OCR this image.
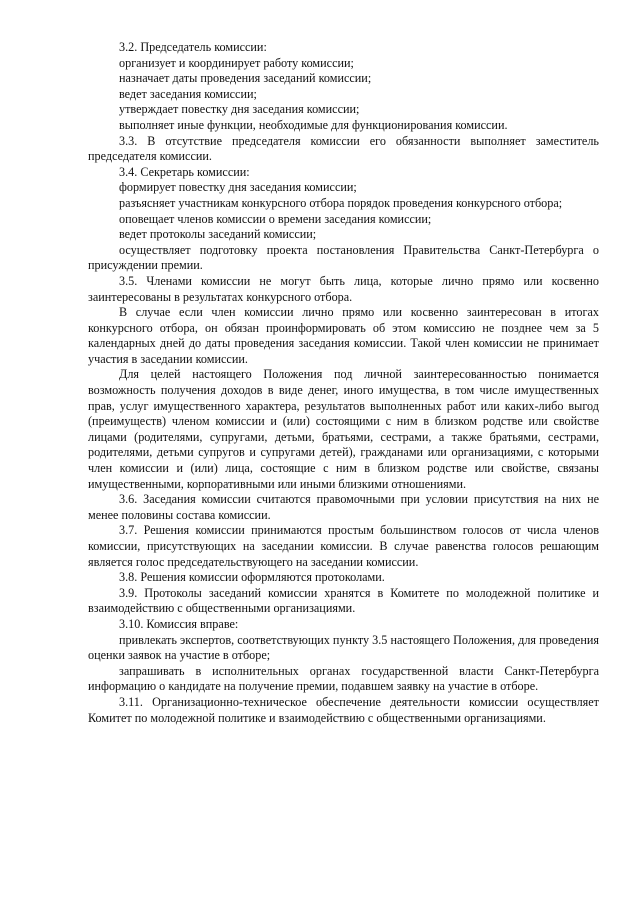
3.2. Председатель комиссии:

организует и координирует работу комиссии;

назначает даты проведения заседаний комиссии;

ведет заседания комиссии;

утверждает повестку дня заседания комиссии;

выполняет иные функции, необходимые для функционирования комиссии.

3.3. В отсутствие председателя комиссии его обязанности выполняет заместитель председателя комиссии.

3.4. Секретарь комиссии:

формирует повестку дня заседания комиссии;

разъясняет участникам конкурсного отбора порядок проведения конкурсного отбора;

оповещает членов комиссии о времени заседания комиссии;

ведет протоколы заседаний комиссии;

осуществляет подготовку проекта постановления Правительства Санкт-Петербурга о присуждении премии.

3.5. Членами комиссии не могут быть лица, которые лично прямо или косвенно заинтересованы в результатах конкурсного отбора.

В случае если член комиссии лично прямо или косвенно заинтересован в итогах конкурсного отбора, он обязан проинформировать об этом комиссию не позднее чем за 5 календарных дней до даты проведения заседания комиссии. Такой член комиссии не принимает участия в заседании комиссии.

Для целей настоящего Положения под личной заинтересованностью понимается возможность получения доходов в виде денег, иного имущества, в том числе имущественных прав, услуг имущественного характера, результатов выполненных работ или каких-либо выгод (преимуществ) членом комиссии и (или) состоящими с ним в близком родстве или свойстве лицами (родителями, супругами, детьми, братьями, сестрами, а также братьями, сестрами, родителями, детьми супругов и супругами детей), гражданами или организациями, с которыми член комиссии и (или) лица, состоящие с ним в близком родстве или свойстве, связаны имущественными, корпоративными или иными близкими отношениями.

3.6. Заседания комиссии считаются правомочными при условии присутствия на них не менее половины состава комиссии.

3.7. Решения комиссии принимаются простым большинством голосов от числа членов комиссии, присутствующих на заседании комиссии. В случае равенства голосов решающим является голос председательствующего на заседании комиссии.

3.8. Решения комиссии оформляются протоколами.

3.9. Протоколы заседаний комиссии хранятся в Комитете по молодежной политике и взаимодействию с общественными организациями.

3.10. Комиссия вправе:

привлекать экспертов, соответствующих пункту 3.5 настоящего Положения, для проведения оценки заявок на участие в отборе;

запрашивать в исполнительных органах государственной власти Санкт-Петербурга информацию о кандидате на получение премии, подавшем заявку на участие в отборе.

3.11. Организационно-техническое обеспечение деятельности комиссии осуществляет Комитет по молодежной политике и взаимодействию с общественными организациями.
